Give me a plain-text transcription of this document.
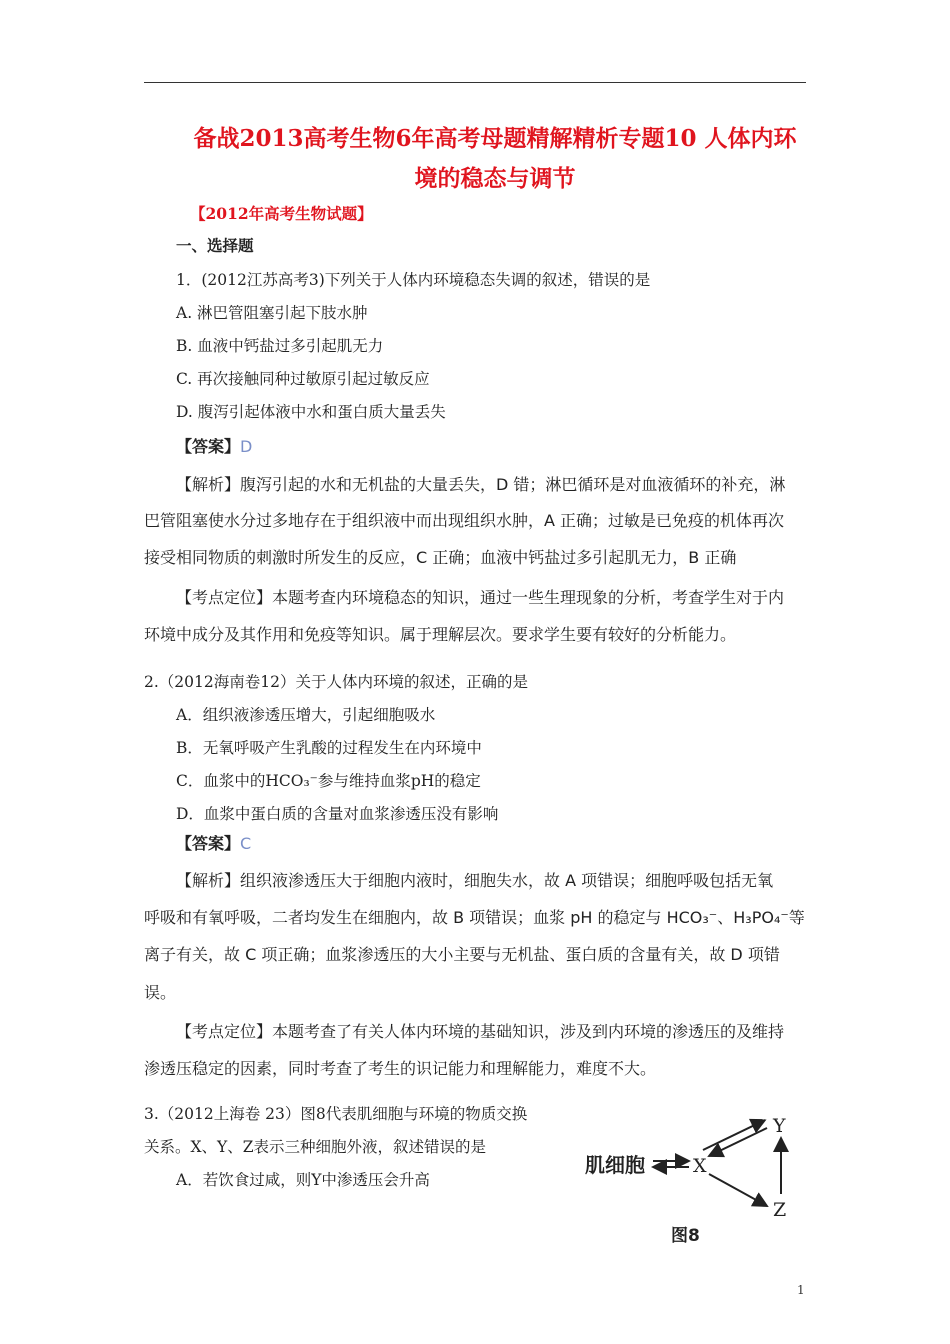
备战2013高考生物6年高考母题精解精析专题10 人体内环
境的稳态与调节
【2012年高考生物试题】
一、选择题
1．(2012江苏高考3)下列关于人体内环境稳态失调的叙述，错误的是
A. 淋巴管阻塞引起下肢水肿
B. 血液中钙盐过多引起肌无力
C. 再次接触同种过敏原引起过敏反应
D. 腹泻引起体液中水和蛋白质大量丢失
【答案】D
【解析】腹泻引起的水和无机盐的大量丢失，D 错；淋巴循环是对血液循环的补充，淋
巴管阻塞使水分过多地存在于组织液中而出现组织水肿，A 正确；过敏是已免疫的机体再次
接受相同物质的刺激时所发生的反应，C 正确；血液中钙盐过多引起肌无力，B 正确
【考点定位】本题考查内环境稳态的知识，通过一些生理现象的分析，考查学生对于内
环境中成分及其作用和免疫等知识。属于理解层次。要求学生要有较好的分析能力。
2.（2012海南卷12）关于人体内环境的叙述，正确的是
A．组织液渗透压增大，引起细胞吸水
B．无氧呼吸产生乳酸的过程发生在内环境中
C．血浆中的HCO₃⁻参与维持血浆pH的稳定
D．血浆中蛋白质的含量对血浆渗透压没有影响
【答案】C
【解析】组织液渗透压大于细胞内液时，细胞失水，故 A 项错误；细胞呼吸包括无氧
呼吸和有氧呼吸，二者均发生在细胞内，故 B 项错误；血浆 pH 的稳定与 HCO₃⁻、H₃PO₄⁻等
离子有关，故 C 项正确；血浆渗透压的大小主要与无机盐、蛋白质的含量有关，故 D 项错
误。
【考点定位】本题考查了有关人体内环境的基础知识，涉及到内环境的渗透压的及维持
渗透压稳定的因素，同时考查了考生的识记能力和理解能力，难度不大。
3.（2012上海卷 23）图8代表肌细胞与环境的物质交换
关系。X、Y、Z表示三种细胞外液，叙述错误的是
A．若饮食过咸，则Y中渗透压会升高
肌细胞	X
Y
Z
图8
1
